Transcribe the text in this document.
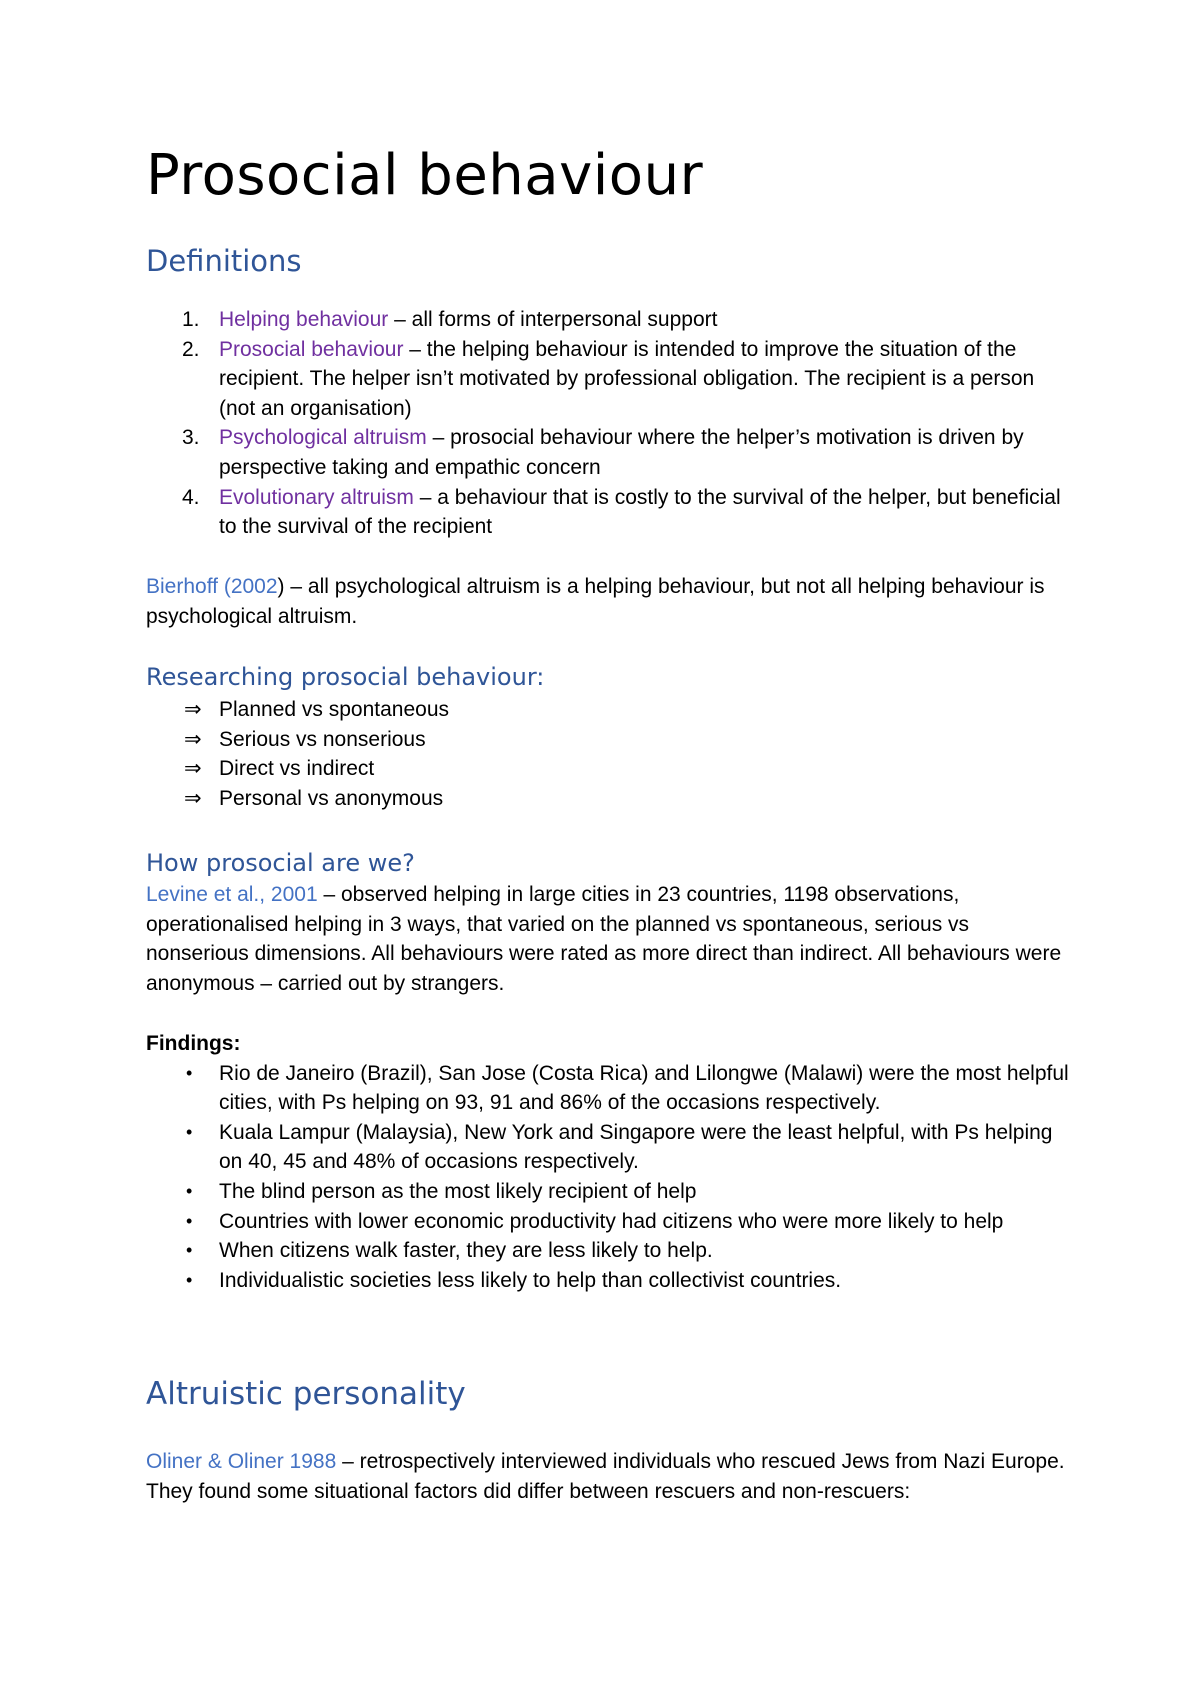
Prosocial behaviour
Definitions
1. Helping behaviour – all forms of interpersonal support
2. Prosocial behaviour – the helping behaviour is intended to improve the situation of the recipient. The helper isn’t motivated by professional obligation. The recipient is a person (not an organisation)
3. Psychological altruism – prosocial behaviour where the helper’s motivation is driven by perspective taking and empathic concern
4. Evolutionary altruism – a behaviour that is costly to the survival of the helper, but beneficial to the survival of the recipient

Bierhoff (2002) – all psychological altruism is a helping behaviour, but not all helping behaviour is psychological altruism.

Researching prosocial behaviour:
⇒ Planned vs spontaneous
⇒ Serious vs nonserious
⇒ Direct vs indirect
⇒ Personal vs anonymous
How prosocial are we?

Levine et al., 2001 – observed helping in large cities in 23 countries, 1198 observations, operationalised helping in 3 ways, that varied on the planned vs spontaneous, serious vs nonserious dimensions. All behaviours were rated as more direct than indirect. All behaviours were anonymous – carried out by strangers.

Findings:

• Rio de Janeiro (Brazil), San Jose (Costa Rica) and Lilongwe (Malawi) were the most helpful cities, with Ps helping on 93, 91 and 86% of the occasions respectively.
• Kuala Lampur (Malaysia), New York and Singapore were the least helpful, with Ps helping on 40, 45 and 48% of occasions respectively.
• The blind person as the most likely recipient of help
• Countries with lower economic productivity had citizens who were more likely to help
• When citizens walk faster, they are less likely to help.
• Individualistic societies less likely to help than collectivist countries.
Altruistic personality

Oliner & Oliner 1988 – retrospectively interviewed individuals who rescued Jews from Nazi Europe. They found some situational factors did differ between rescuers and non-rescuers:
